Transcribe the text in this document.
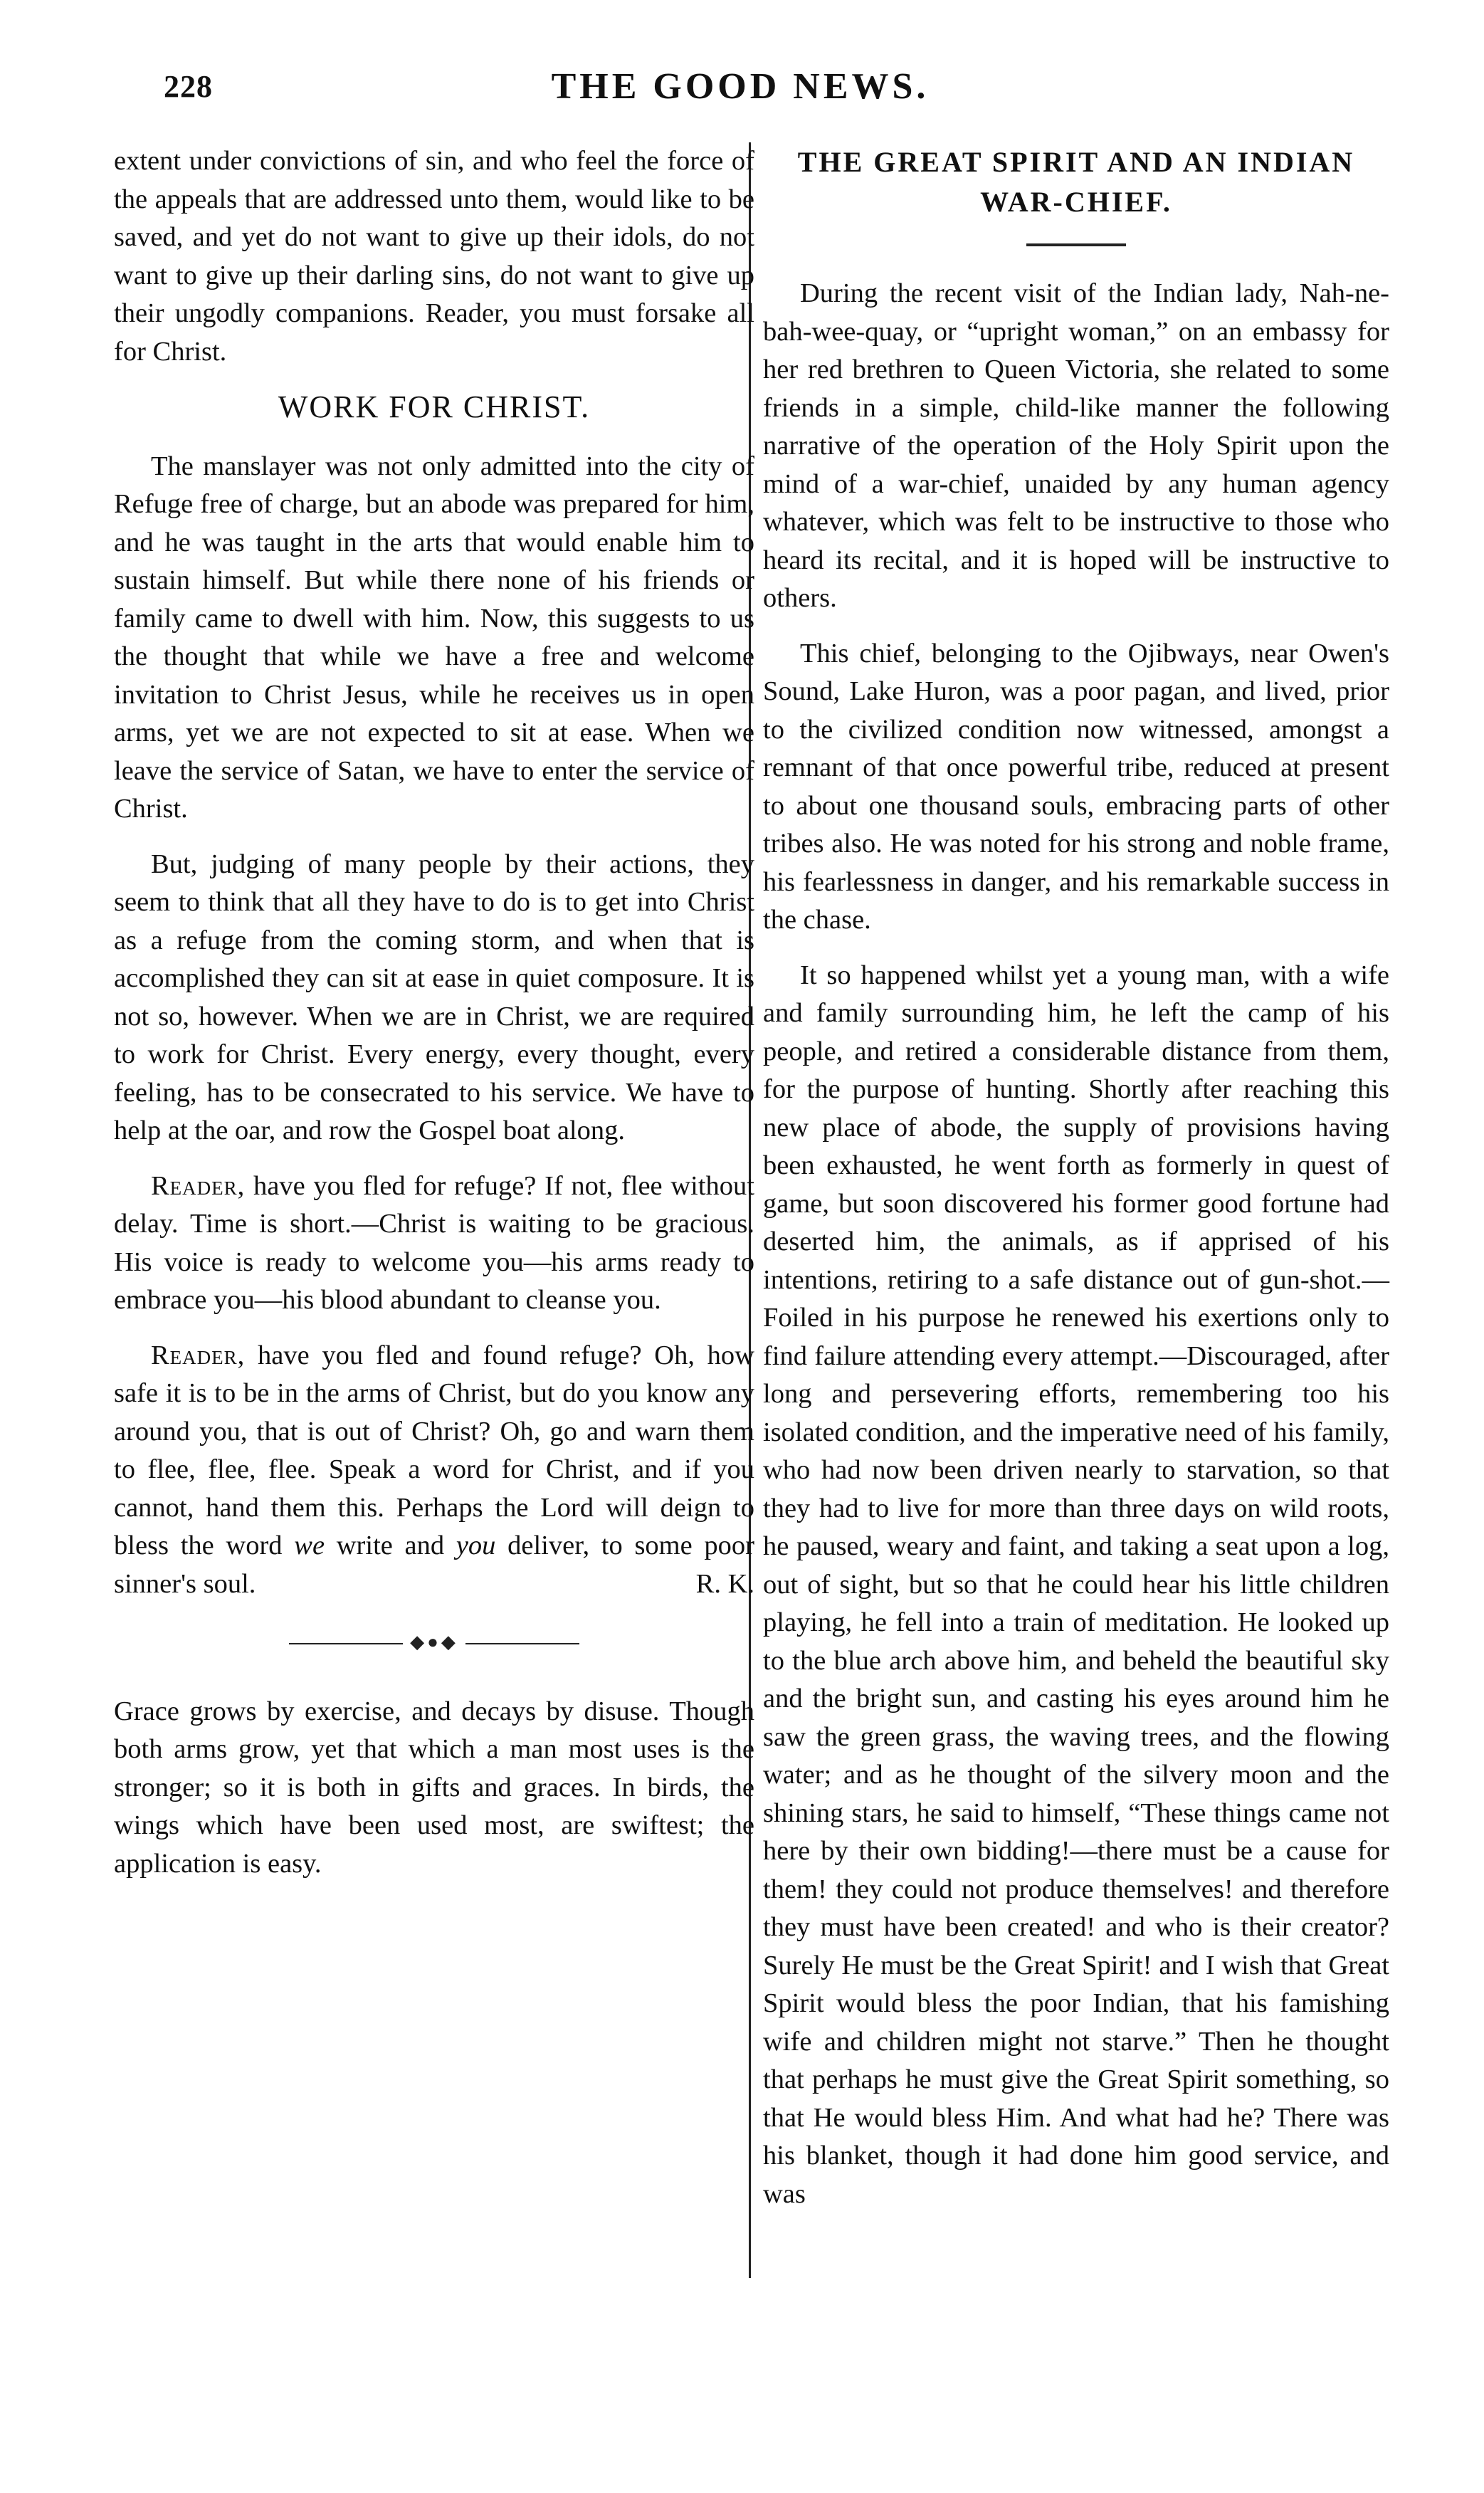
228	THE GOOD NEWS.

extent under convictions of sin, and who feel the force of the appeals that are addressed unto them, would like to be saved, and yet do not want to give up their idols, do not want to give up their darling sins, do not want to give up their ungodly companions. Reader, you must forsake all for Christ.

WORK FOR CHRIST.

The manslayer was not only admitted into the city of Refuge free of charge, but an abode was prepared for him, and he was taught in the arts that would enable him to sustain himself. But while there none of his friends or family came to dwell with him. Now, this suggests to us the thought that while we have a free and welcome invitation to Christ Jesus, while he receives us in open arms, yet we are not expected to sit at ease. When we leave the service of Satan, we have to enter the service of Christ.

But, judging of many people by their actions, they seem to think that all they have to do is to get into Christ as a refuge from the coming storm, and when that is accomplished they can sit at ease in quiet composure. It is not so, however. When we are in Christ, we are required to work for Christ. Every energy, every thought, every feeling, has to be consecrated to his service. We have to help at the oar, and row the Gospel boat along.

Reader, have you fled for refuge? If not, flee without delay. Time is short.—Christ is waiting to be gracious. His voice is ready to welcome you—his arms ready to embrace you—his blood abundant to cleanse you.

Reader, have you fled and found refuge? Oh, how safe it is to be in the arms of Christ, but do you know any around you, that is out of Christ? Oh, go and warn them to flee, flee, flee. Speak a word for Christ, and if you cannot, hand them this. Perhaps the Lord will deign to bless the word we write and you deliver, to some poor sinner's soul.	R. K.

◆●◆

Grace grows by exercise, and decays by disuse. Though both arms grow, yet that which a man most uses is the stronger; so it is both in gifts and graces. In birds, the wings which have been used most, are swiftest; the application is easy.

THE GREAT SPIRIT AND AN INDIAN WAR-CHIEF.

During the recent visit of the Indian lady, Nah-ne-bah-wee-quay, or “upright woman,” on an embassy for her red brethren to Queen Victoria, she related to some friends in a simple, child-like manner the following narrative of the operation of the Holy Spirit upon the mind of a war-chief, unaided by any human agency whatever, which was felt to be instructive to those who heard its recital, and it is hoped will be instructive to others.

This chief, belonging to the Ojibways, near Owen's Sound, Lake Huron, was a poor pagan, and lived, prior to the civilized condition now witnessed, amongst a remnant of that once powerful tribe, reduced at present to about one thousand souls, embracing parts of other tribes also. He was noted for his strong and noble frame, his fearlessness in danger, and his remarkable success in the chase.

It so happened whilst yet a young man, with a wife and family surrounding him, he left the camp of his people, and retired a considerable distance from them, for the purpose of hunting. Shortly after reaching this new place of abode, the supply of provisions having been exhausted, he went forth as formerly in quest of game, but soon discovered his former good fortune had deserted him, the animals, as if apprised of his intentions, retiring to a safe distance out of gun-shot.—Foiled in his purpose he renewed his exertions only to find failure attending every attempt.—Discouraged, after long and persevering efforts, remembering too his isolated condition, and the imperative need of his family, who had now been driven nearly to starvation, so that they had to live for more than three days on wild roots, he paused, weary and faint, and taking a seat upon a log, out of sight, but so that he could hear his little children playing, he fell into a train of meditation. He looked up to the blue arch above him, and beheld the beautiful sky and the bright sun, and casting his eyes around him he saw the green grass, the waving trees, and the flowing water; and as he thought of the silvery moon and the shining stars, he said to himself, “These things came not here by their own bidding!—there must be a cause for them! they could not produce themselves! and therefore they must have been created! and who is their creator? Surely He must be the Great Spirit! and I wish that Great Spirit would bless the poor Indian, that his famishing wife and children might not starve.” Then he thought that perhaps he must give the Great Spirit something, so that He would bless Him. And what had he? There was his blanket, though it had done him good service, and was
